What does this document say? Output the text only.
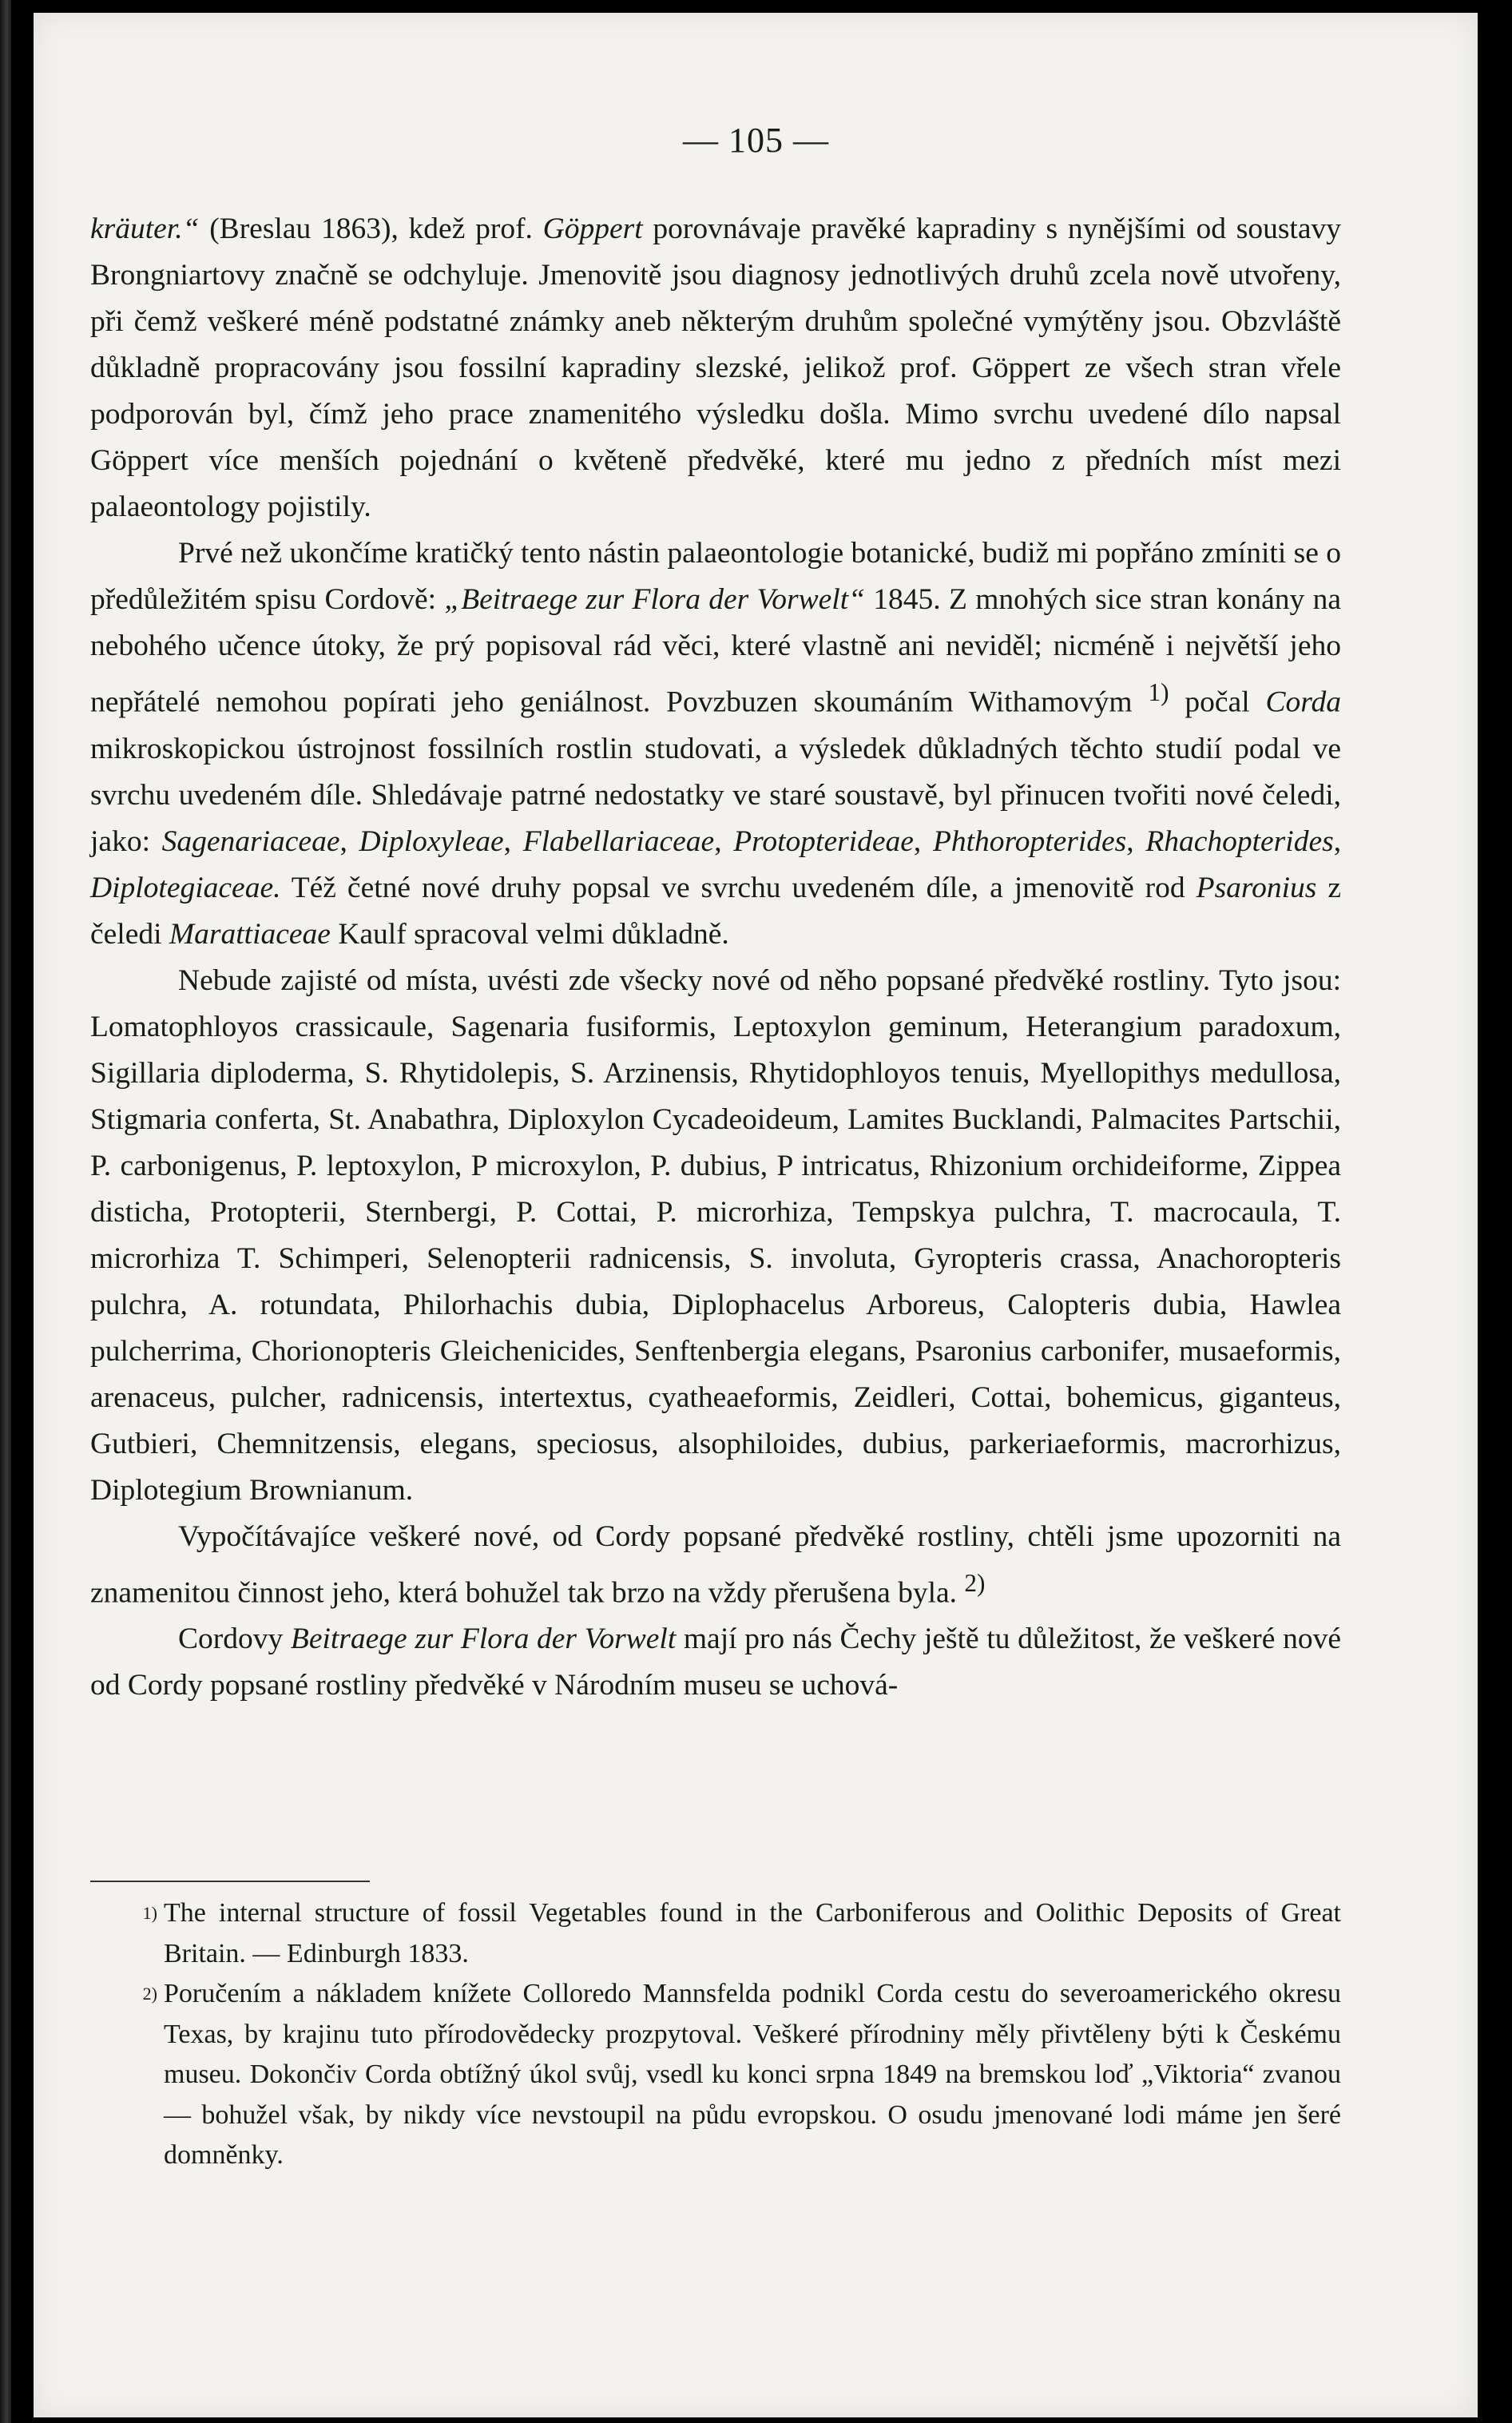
— 105 —

kräuter.“ (Breslau 1863), kdež prof. Göppert porovnávaje pravěké kapradiny s nynějšími od soustavy Brongniartovy značně se odchyluje. Jmenovitě jsou diagnosy jednotlivých druhů zcela nově utvořeny, při čemž veškeré méně podstatné známky aneb některým druhům společné vymýtěny jsou. Obzvláště důkladně propracovány jsou fossilní kapradiny slezské, jelikož prof. Göppert ze všech stran vřele podporován byl, čímž jeho prace znamenitého výsledku došla. Mimo svrchu uvedené dílo napsal Göppert více menších pojednání o květeně předvěké, které mu jedno z předních míst mezi palaeontology pojistily.

Prvé než ukončíme kratičký tento nástin palaeontologie botanické, budiž mi popřáno zmíniti se o předůležitém spisu Cordově: „Beitraege zur Flora der Vorwelt“ 1845. Z mnohých sice stran konány na nebohého učence útoky, že prý popisoval rád věci, které vlastně ani neviděl; nicméně i největší jeho nepřátelé nemohou popírati jeho geniálnost. Povzbuzen skoumáním Withamovým $^{1)}$ počal Corda mikroskopickou ústrojnost fossilních rostlin studovati, a výsledek důkladných těchto studií podal ve svrchu uvedeném díle. Shledávaje patrné nedostatky ve staré soustavě, byl přinucen tvořiti nové čeledi, jako: Sagenariaceae, Diploxyleae, Flabellariaceae, Protopterideae, Phthoropterides, Rhachopterides, Diplotegiaceae. Též četné nové druhy popsal ve svrchu uvedeném díle, a jmenovitě rod Psaronius z čeledi Marattiaceae Kaulf spracoval velmi důkladně.

Nebude zajisté od místa, uvésti zde všecky nové od něho popsané předvěké rostliny. Tyto jsou: Lomatophloyos crassicaule, Sagenaria fusiformis, Leptoxylon geminum, Heterangium paradoxum, Sigillaria diploderma, S. Rhytidolepis, S. Arzinensis, Rhytidophloyos tenuis, Myellopithys medullosa, Stigmaria conferta, St. Anabathra, Diploxylon Cycadeoideum, Lamites Bucklandi, Palmacites Partschii, P. carbonigenus, P. leptoxylon, P microxylon, P. dubius, P intricatus, Rhizonium orchideiforme, Zippea disticha, Protopterii, Sternbergi, P. Cottai, P. microrhiza, Tempskya pulchra, T. macrocaula, T. microrhiza T. Schimperi, Selenopterii radnicensis, S. involuta, Gyropteris crassa, Anachoropteris pulchra, A. rotundata, Philorhachis dubia, Diplophacelus Arboreus, Calopteris dubia, Hawlea pulcherrima, Chorionopteris Gleichenicides, Senftenbergia elegans, Psaronius carbonifer, musaeformis, arenaceus, pulcher, radnicensis, intertextus, cyatheaeformis, Zeidleri, Cottai, bohemicus, giganteus, Gutbieri, Chemnitzensis, elegans, speciosus, alsophiloides, dubius, parkeriaeformis, macrorhizus, Diplotegium Brownianum.

Vypočítávajíce veškeré nové, od Cordy popsané předvěké rostliny, chtěli jsme upozorniti na znamenitou činnost jeho, která bohužel tak brzo na vždy přerušena byla. $^{2)}$

Cordovy Beitraege zur Flora der Vorwelt mají pro nás Čechy ještě tu důležitost, že veškeré nové od Cordy popsané rostliny předvěké v Národním museu se uchová-

$^{1)}$ The internal structure of fossil Vegetables found in the Carboniferous and Oolithic Deposits of Great Britain. — Edinburgh 1833.

$^{2)}$ Poručením a nákladem knížete Colloredo Mannsfelda podnikl Corda cestu do severoamerického okresu Texas, by krajinu tuto přírodovědecky prozpytoval. Veškeré přírodniny měly přivtěleny býti k Českému museu. Dokončiv Corda obtížný úkol svůj, vsedl ku konci srpna 1849 na bremskou loď „Viktoria“ zvanou — bohužel však, by nikdy více nevstoupil na půdu evropskou. O osudu jmenované lodi máme jen šeré domněnky.
